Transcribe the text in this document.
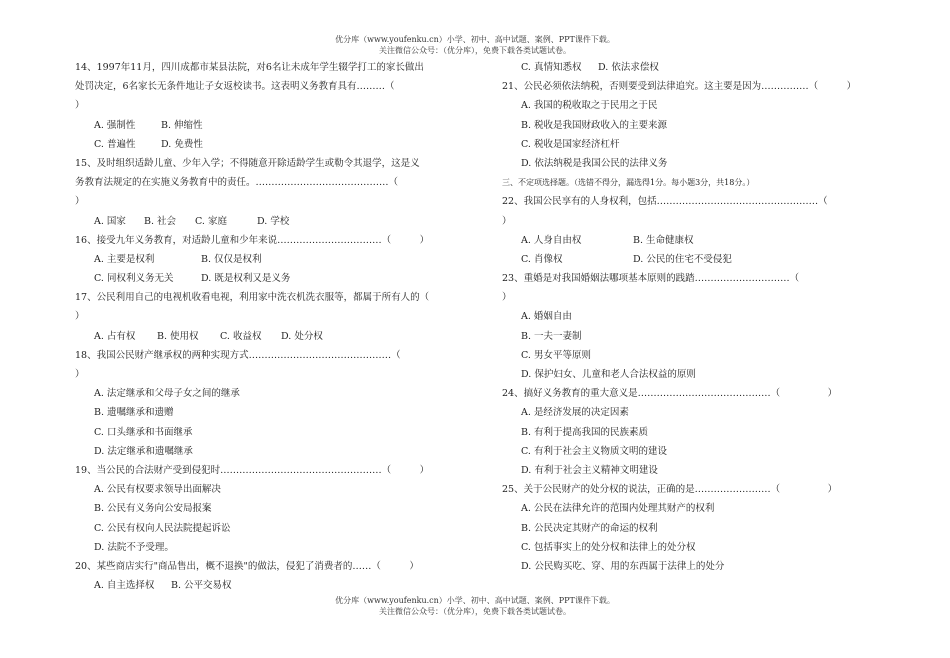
优分库（www.youfenku.cn）小学、初中、高中试题、案例、PPT课件下载。
关注微信公众号：（优分库），免费下载各类试题试卷。
14、1997年11月，四川成都市某县法院，对6名让未成年学生辍学打工的家长做出
处罚决定，6名家长无条件地让子女返校读书。这表明义务教育具有………（
）
A. 强制性	B. 伸缩性
C. 普遍性	D. 免费性
15、及时组织适龄儿童、少年入学；不得随意开除适龄学生或勒令其退学，这是义
务教育法规定的在实施义务教育中的责任。……………………………………（
）
A. 国家 B. 社会 C. 家庭	D. 学校
16、接受九年义务教育，对适龄儿童和少年来说……………………………（　　　）
A. 主要是权利	B. 仅仅是权利
C. 同权利义务无关	D. 既是权利又是义务
17、公民利用自己的电视机收看电视，利用家中洗衣机洗衣服等，都属于所有人的（
）
A. 占有权 B. 使用权 C. 收益权 D. 处分权
18、我国公民财产继承权的两种实现方式………………………………………（
）
A. 法定继承和父母子女之间的继承
B. 遗嘱继承和遗赠
C. 口头继承和书面继承
D. 法定继承和遗嘱继承
19、当公民的合法财产受到侵犯时……………………………………………（　　　）
A. 公民有权要求领导出面解决
B. 公民有义务向公安局报案
C. 公民有权向人民法院提起诉讼
D. 法院不予受理。
20、某些商店实行"商品售出，概不退换"的做法，侵犯了消费者的……（　　　）
A. 自主选择权 B. 公平交易权
C. 真情知悉权 D. 依法求偿权
21、公民必须依法纳税，否则要受到法律追究。这主要是因为……………（　　　）
A. 我国的税收取之于民用之于民
B. 税收是我国财政收入的主要来源
C. 税收是国家经济杠杆
D. 依法纳税是我国公民的法律义务
三、不定项选择题。（选错不得分，漏选得1分。每小题3分，共18分。）
22、我国公民享有的人身权利，包括……………………………………………（
）
A. 人身自由权	B. 生命健康权
C. 肖像权	D. 公民的住宅不受侵犯
23、重婚是对我国婚姻法哪项基本原则的践踏…………………………（
）
A. 婚姻自由
B. 一夫一妻制
C. 男女平等原则
D. 保护妇女、儿童和老人合法权益的原则
24、搞好义务教育的重大意义是……………………………………（　　　　　）
A. 是经济发展的决定因素
B. 有利于提高我国的民族素质
C. 有利于社会主义物质文明的建设
D. 有利于社会主义精神文明建设
25、关于公民财产的处分权的说法，正确的是……………………（　　　　　）
A. 公民在法律允许的范围内处理其财产的权利
B. 公民决定其财产的命运的权利
C. 包括事实上的处分权和法律上的处分权
D. 公民购买吃、穿、用的东西属于法律上的处分
优分库（www.youfenku.cn）小学、初中、高中试题、案例、PPT课件下载。
关注微信公众号：（优分库），免费下载各类试题试卷。
